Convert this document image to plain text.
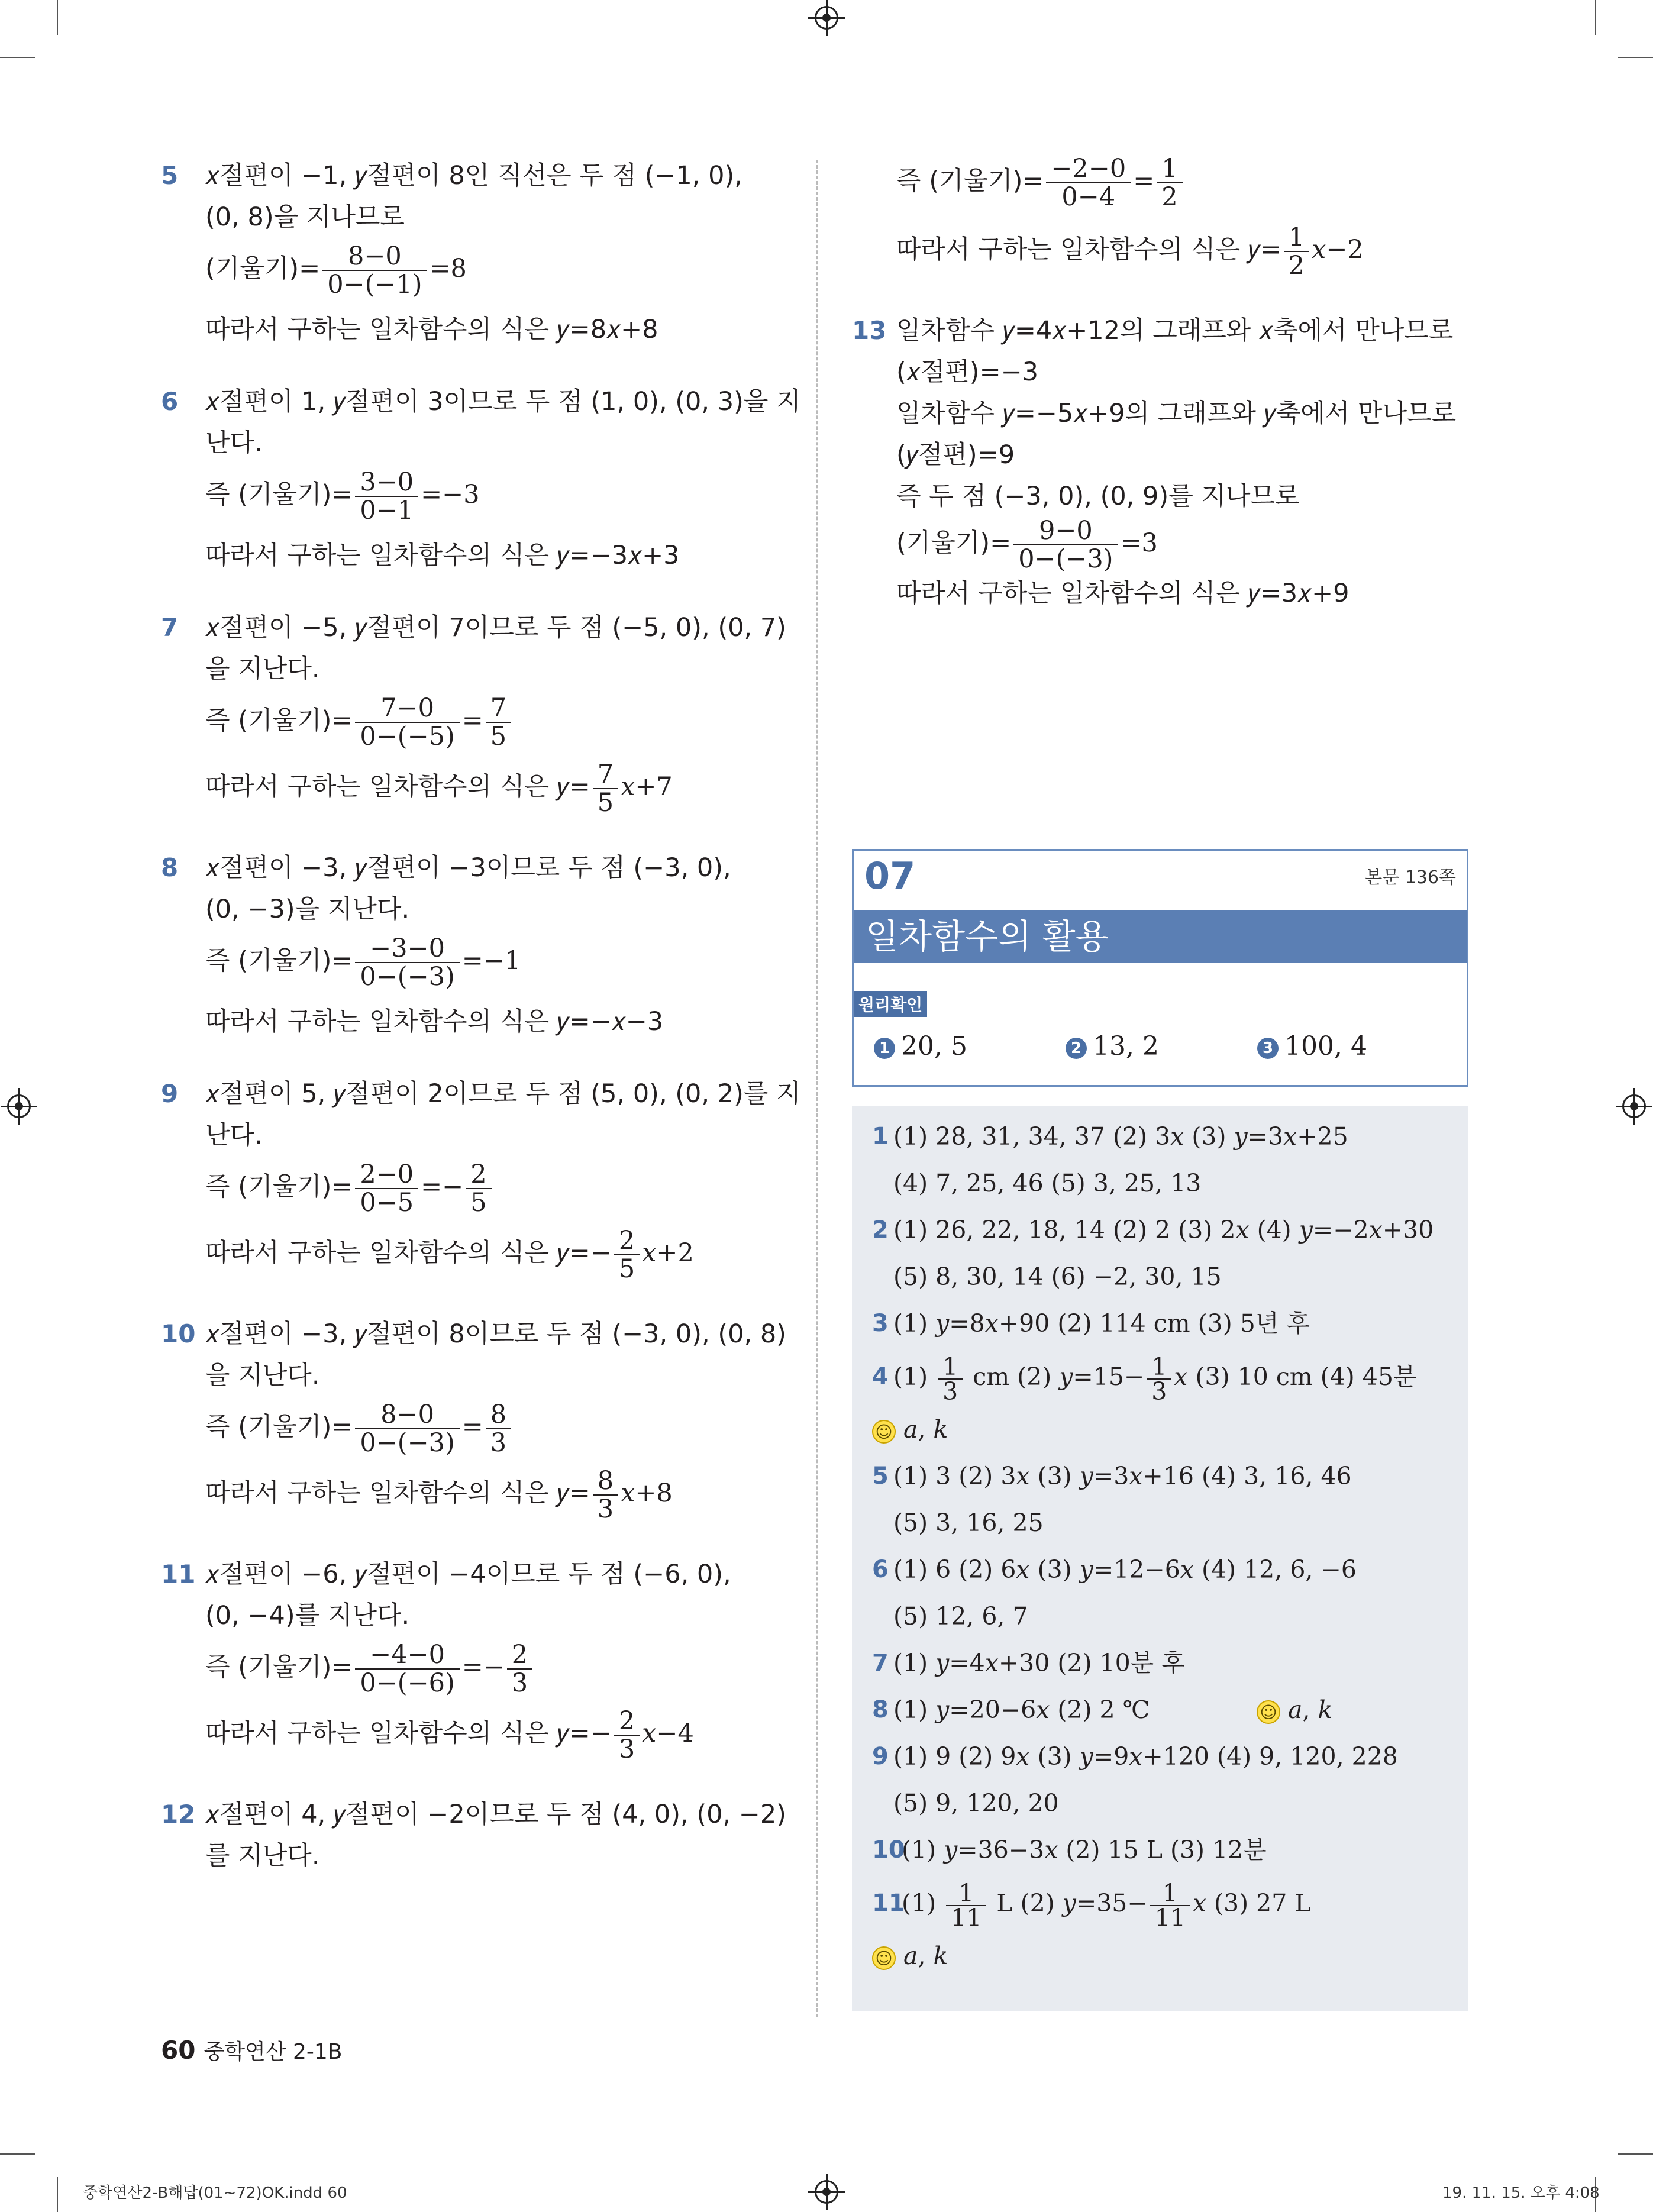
5 𝑥절편이 −1, 𝑦절편이 8인 직선은 두 점 (−1, 0),
(0, 8)을 지나므로
(기울기)= $\frac{8-0}{0-(-1)} =8$
따라서 구하는 일차함수의 식은 𝑦=8𝑥+8
6 𝑥절편이 1, 𝑦절편이 3이므로 두 점 (1, 0), (0, 3)을 지
난다.
즉 (기울기)= $\frac{3-0}{0-1} =-3$
따라서 구하는 일차함수의 식은 𝑦=−3𝑥+3
7 𝑥절편이 −5, 𝑦절편이 7이므로 두 점 (−5, 0), (0, 7)
을 지난다.
즉 (기울기)= $\frac{7-0}{0-(-5)} = \frac{7}{5}$
따라서 구하는 일차함수의 식은 𝑦= $\frac{7}{5}$ 𝑥+7
8 𝑥절편이 −3, 𝑦절편이 −3이므로 두 점 (−3, 0),
(0, −3)을 지난다.
즉 (기울기)= $\frac{-3-0}{0-(-3)} =-1$
따라서 구하는 일차함수의 식은 𝑦=−𝑥−3
9 𝑥절편이 5, 𝑦절편이 2이므로 두 점 (5, 0), (0, 2)를 지
난다.
즉 (기울기)= $\frac{2-0}{0-5} =- \frac{2}{5}$
따라서 구하는 일차함수의 식은 𝑦=− $\frac{2}{5}$ 𝑥+2
10 𝑥절편이 −3, 𝑦절편이 8이므로 두 점 (−3, 0), (0, 8)
을 지난다.
즉 (기울기)= $\frac{8-0}{0-(-3)} = \frac{8}{3}$
따라서 구하는 일차함수의 식은 𝑦= $\frac{8}{3}$ 𝑥+8
11 𝑥절편이 −6, 𝑦절편이 −4이므로 두 점 (−6, 0),
(0, −4)를 지난다.
즉 (기울기)= $\frac{-4-0}{0-(-6)} =- \frac{2}{3}$
따라서 구하는 일차함수의 식은 𝑦=− $\frac{2}{3}$ 𝑥−4
12 𝑥절편이 4, 𝑦절편이 −2이므로 두 점 (4, 0), (0, −2)
를 지난다.
즉 (기울기)= $\frac{-2-0}{0-4} = \frac{1}{2}$
따라서 구하는 일차함수의 식은 𝑦= $\frac{1}{2}$ 𝑥−2
13 일차함수 𝑦=4𝑥+12의 그래프와 𝑥축에서 만나므로
(𝑥절편)=−3
일차함수 𝑦=−5𝑥+9의 그래프와 𝑦축에서 만나므로
(𝑦절편)=9
즉 두 점 (−3, 0), (0, 9)를 지나므로
(기울기)= $\frac{9-0}{0-(-3)} =3$
따라서 구하는 일차함수의 식은 𝑦=3𝑥+9
07	본문 136쪽
일차함수의 활용
원리확인
1 20, 5	2 13, 2	3 100, 4
1 (1) 28, 31, 34, 37 (2) 3𝑥 (3) 𝑦=3𝑥+25
(4) 7, 25, 46 (5) 3, 25, 13
2 (1) 26, 22, 18, 14 (2) 2 (3) 2𝑥 (4) 𝑦=−2𝑥+30
(5) 8, 30, 14 (6) −2, 30, 15
3 (1) 𝑦=8𝑥+90 (2) 114 cm (3) 5년 후
4 $(1) \frac{1}{3}$ cm (2) 𝑦=15− $\frac{1}{3}$ 𝑥 (3) 10 cm (4) 45분
☺ 𝑎, 𝑘
5 (1) 3 (2) 3𝑥 (3) 𝑦=3𝑥+16 (4) 3, 16, 46
(5) 3, 16, 25
6 (1) 6 (2) 6𝑥 (3) 𝑦=12−6𝑥 (4) 12, 6, −6
(5) 12, 6, 7
7 (1) 𝑦=4𝑥+30 (2) 10분 후
8 (1) 𝑦=20−6𝑥 (2) 2 ℃	☺ 𝑎, 𝑘
9 (1) 9 (2) 9𝑥 (3) 𝑦=9𝑥+120 (4) 9, 120, 228
(5) 9, 120, 20
10
(1) 𝑦=36−3𝑥 (2) 15 L (3) 12분
11
$(1) \frac{1}{11}$ L (2) 𝑦=35− $\frac{1}{11}$ 𝑥 (3) 27 L
☺ 𝑎, 𝑘
60 중학연산 2-1B
중학연산2-B해답(01~72)OK.indd 60	19. 11. 15. 오후 4:08
